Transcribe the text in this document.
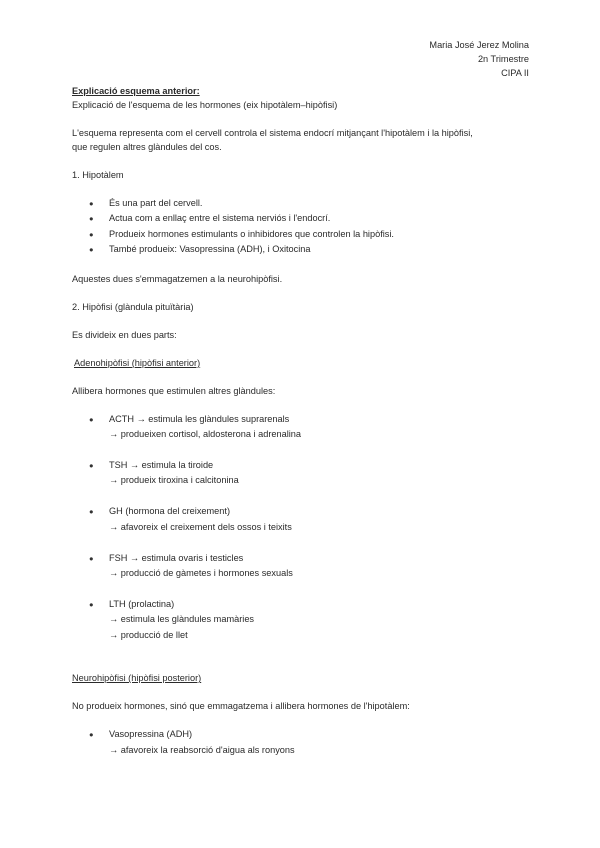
Maria José Jerez Molina

2n Trimestre

CIPA II

Explicació esquema anterior:

Explicació de l'esquema de les hormones (eix hipotàlem–hipòfisi)

L'esquema representa com el cervell controla el sistema endocrí mitjançant l'hipotàlem i la hipòfisi,

que regulen altres glàndules del cos.

1. Hipotàlem

● És una part del cervell.
● Actua com a enllaç entre el sistema nerviós i l'endocrí.
● Produeix hormones estimulants o inhibidores que controlen la hipòfisi.
● També produeix: Vasopressina (ADH), i Oxitocina

Aquestes dues s'emmagatzemen a la neurohipòfisi.

2. Hipòfisi (glàndula pituïtària)

Es divideix en dues parts:

Adenohipòfisi (hipòfisi anterior)

Allibera hormones que estimulen altres glàndules:

● ACTH → estimula les glàndules suprarenals
→ produeixen cortisol, aldosterona i adrenalina
● TSH → estimula la tiroide
→ produeix tiroxina i calcitonina
● GH (hormona del creixement)
→ afavoreix el creixement dels ossos i teixits
● FSH → estimula ovaris i testicles
→ producció de gàmetes i hormones sexuals
● LTH (prolactina)
→ estimula les glàndules mamàries
→ producció de llet

Neurohipòfisi (hipòfisi posterior)

No produeix hormones, sinó que emmagatzema i allibera hormones de l'hipotàlem:

● Vasopressina (ADH)
→ afavoreix la reabsorció d'aigua als ronyons
